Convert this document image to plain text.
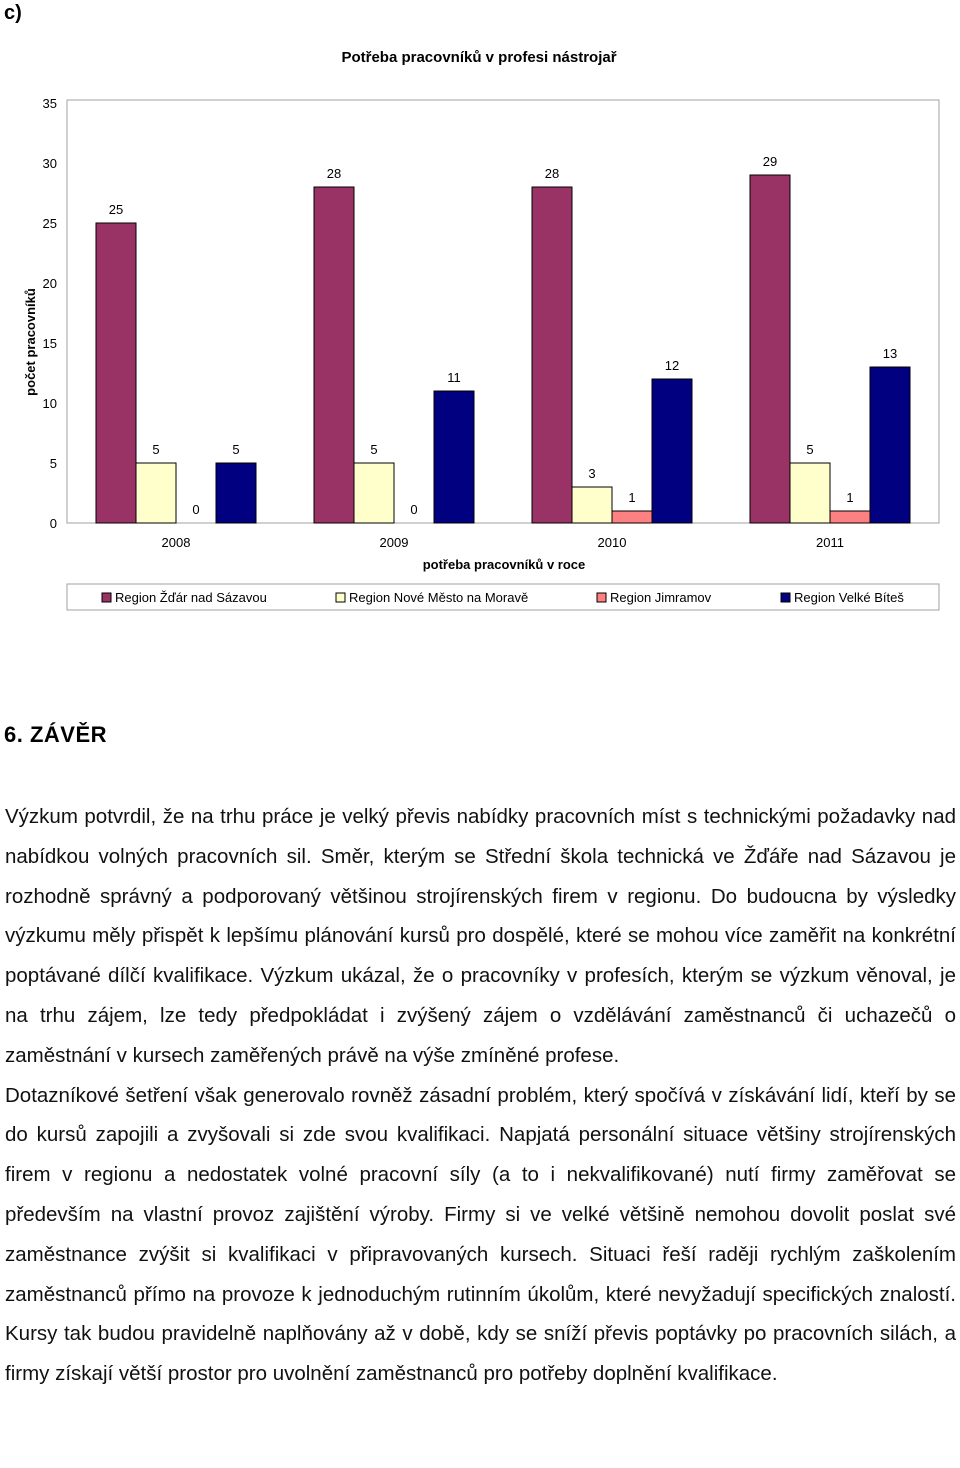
c)
Potřeba pracovníků v profesi nástrojař
0
5
10
15
20
25
30
35
25
5
0
5
28
5
0
11
28
3
1
12
29
5
1
13
2008	2009	2010	2011
počet pracovníků
potřeba pracovníků v roce
Region Žďár nad Sázavou	Region Nové Město na Moravě	Region Jimramov	Region Velké Bíteš
6. ZÁVĚR

Výzkum potvrdil, že na trhu práce je velký převis nabídky pracovních míst s technickými požadavky nad nabídkou volných pracovních sil. Směr, kterým se Střední škola technická ve Žďáře nad Sázavou je rozhodně správný a podporovaný většinou strojírenských firem v regionu. Do budoucna by výsledky výzkumu měly přispět k lepšímu plánování kursů pro dospělé, které se mohou více zaměřit na konkrétní poptávané dílčí kvalifikace. Výzkum ukázal, že o pracovníky v profesích, kterým se výzkum věnoval, je na trhu zájem, lze tedy předpokládat i zvýšený zájem o vzdělávání zaměstnanců či uchazečů o zaměstnání v kursech zaměřených právě na výše zmíněné profese.

Dotazníkové šetření však generovalo rovněž zásadní problém, který spočívá v získávání lidí, kteří by se do kursů zapojili a zvyšovali si zde svou kvalifikaci. Napjatá personální situace většiny strojírenských firem v regionu a nedostatek volné pracovní síly (a to i nekvalifikované) nutí firmy zaměřovat se především na vlastní provoz zajištění výroby. Firmy si ve velké většině nemohou dovolit poslat své zaměstnance zvýšit si kvalifikaci v připravovaných kursech. Situaci řeší raději rychlým zaškolením zaměstnanců přímo na provoze k jednoduchým rutinním úkolům, které nevyžadují specifických znalostí. Kursy tak budou pravidelně naplňovány až v době, kdy se sníží převis poptávky po pracovních silách, a firmy získají větší prostor pro uvolnění zaměstnanců pro potřeby doplnění kvalifikace.
